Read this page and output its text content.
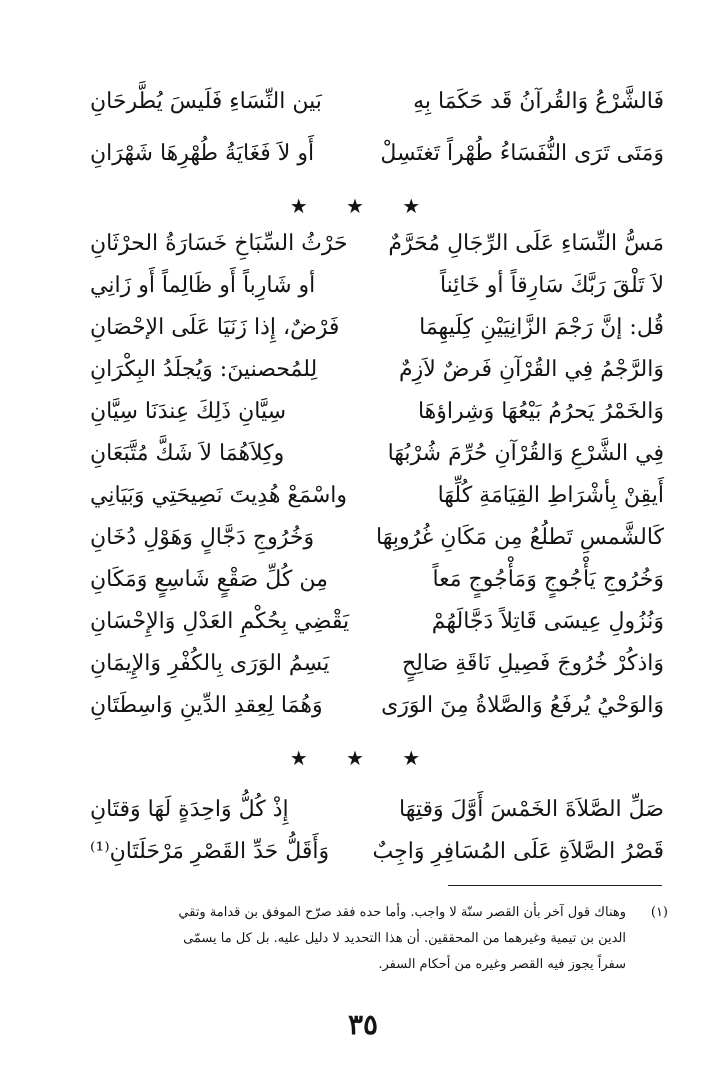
فَالشَّرْعُ وَالقُرآنُ قَد حَكَمَا بِهِ
بَين النِّسَاءِ فَلَيسَ يُطَّرحَانِ
وَمَتَى تَرَى النُّفَسَاءُ طُهْراً تَغتَسِلْ
أَو لاَ فَغَايَةُ طُهْرِهَا شَهْرَانِ
★ ★ ★
مَسُّ النِّسَاءِ عَلَى الرِّجَالِ مُحَرَّمٌ
حَرْثُ السِّبَاخِ خَسَارَةُ الحرْثَانِ
لاَ تَلْقَ رَبَّكَ سَارِقاً أو خَائِناً
أو شَارِباً أَو ظَالِماً أَو زَانِي
قُل: إنَّ رَجْمَ الزَّانِيَيْنِ كِلَيهِمَا
فَرْضٌ، إِذا زَنَيَا عَلَى الإحْصَانِ
وَالرَّجْمُ فِي القُرْآنِ فَرضٌ لاَزِمٌ
لِلمُحصنينَ: وَيُجلَدُ البِكْرَانِ
وَالخَمْرُ يَحرُمُ بَيْعُهَا وَشِراؤهَا
سِيَّانِ ذَلِكَ عِندَنَا سِيَّانِ
فِي الشَّرْعِ وَالقُرْآنِ حُرِّمَ شُرْبُهَا
وكِلاَهُمَا لاَ شَكَّ مُتَّبَعَانِ
أَيقِنْ بِأشْرَاطِ القِيَامَةِ كُلِّهَا
واسْمَعْ هُدِيتَ نَصِيحَتِي وَبَيَانِي
كَالشَّمسِ تَطلُعُ مِن مَكَانِ غُرُوبِهَا
وَخُرُوجِ دَجَّالٍ وَهَوْلِ دُخَانِ
وَخُرُوجِ يَأْجُوجٍ وَمَأْجُوجٍ مَعاً
مِن كُلِّ صَقْعٍ شَاسِعٍ وَمَكَانِ
وَنُزُولِ عِيسَى قَاتِلاً دَجَّالَهُمْ
يَقْضِي بِحُكْمِ العَدْلِ وَالإِحْسَانِ
وَاذكُرْ خُرُوجَ فَصِيلِ نَاقَةِ صَالِحٍ
يَسِمُ الوَرَى بِالكُفْرِ وَالإِيمَانِ
وَالوَحْيُ يُرفَعُ وَالصَّلاةُ مِنَ الوَرَى
وَهُمَا لِعِقدِ الدِّينِ وَاسِطَتَانِ
★ ★ ★
صَلِّ الصَّلاَةَ الخَمْسَ أَوَّلَ وَقتِهَا
إِذْ كُلُّ وَاحِدَةٍ لَهَا وَقتَانِ
قَصْرُ الصَّلاَةِ عَلَى المُسَافِرِ وَاجِبٌ
وَأَقَلُّ حَدِّ القَصْرِ مَرْحَلَتَانِ⁽¹⁾
(١)
وهناك قول آخر بأن القصر سنّة لا واجب. وأما حده فقد صرّح الموفق بن قدامة وتقي
الدين بن تيمية وغيرهما من المحققين. أن هذا التحديد لا دليل عليه. بل كل ما يسمّى
سفراً يجوز فيه القصر وغيره من أحكام السفر.
٣٥
